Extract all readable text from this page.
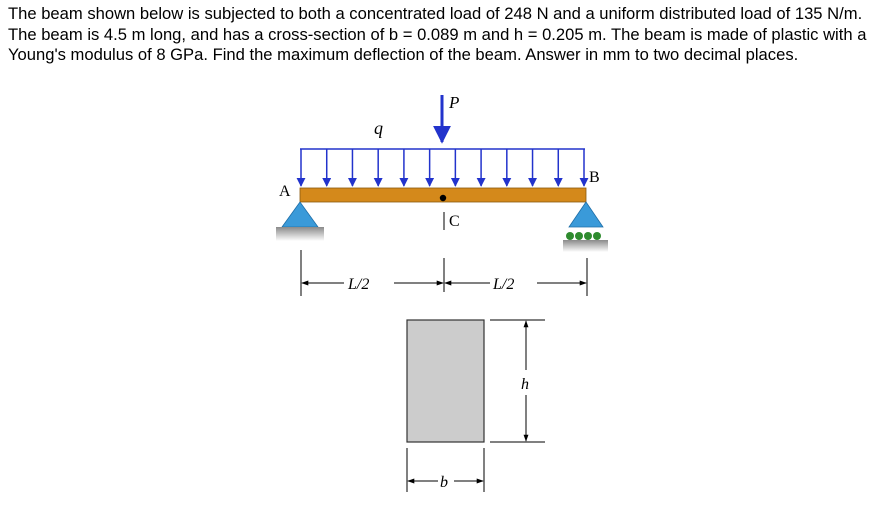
The beam shown below is subjected to both a concentrated load of 248 N and a uniform distributed load of 135 N/m. The beam is 4.5 m long, and has a cross-section of b = 0.089 m and h = 0.205 m. The beam is made of plastic with a Young's modulus of 8 GPa. Find the maximum deflection of the beam. Answer in mm to two decimal places.

q
P
A
B
C
L/2	L/2
h
b
